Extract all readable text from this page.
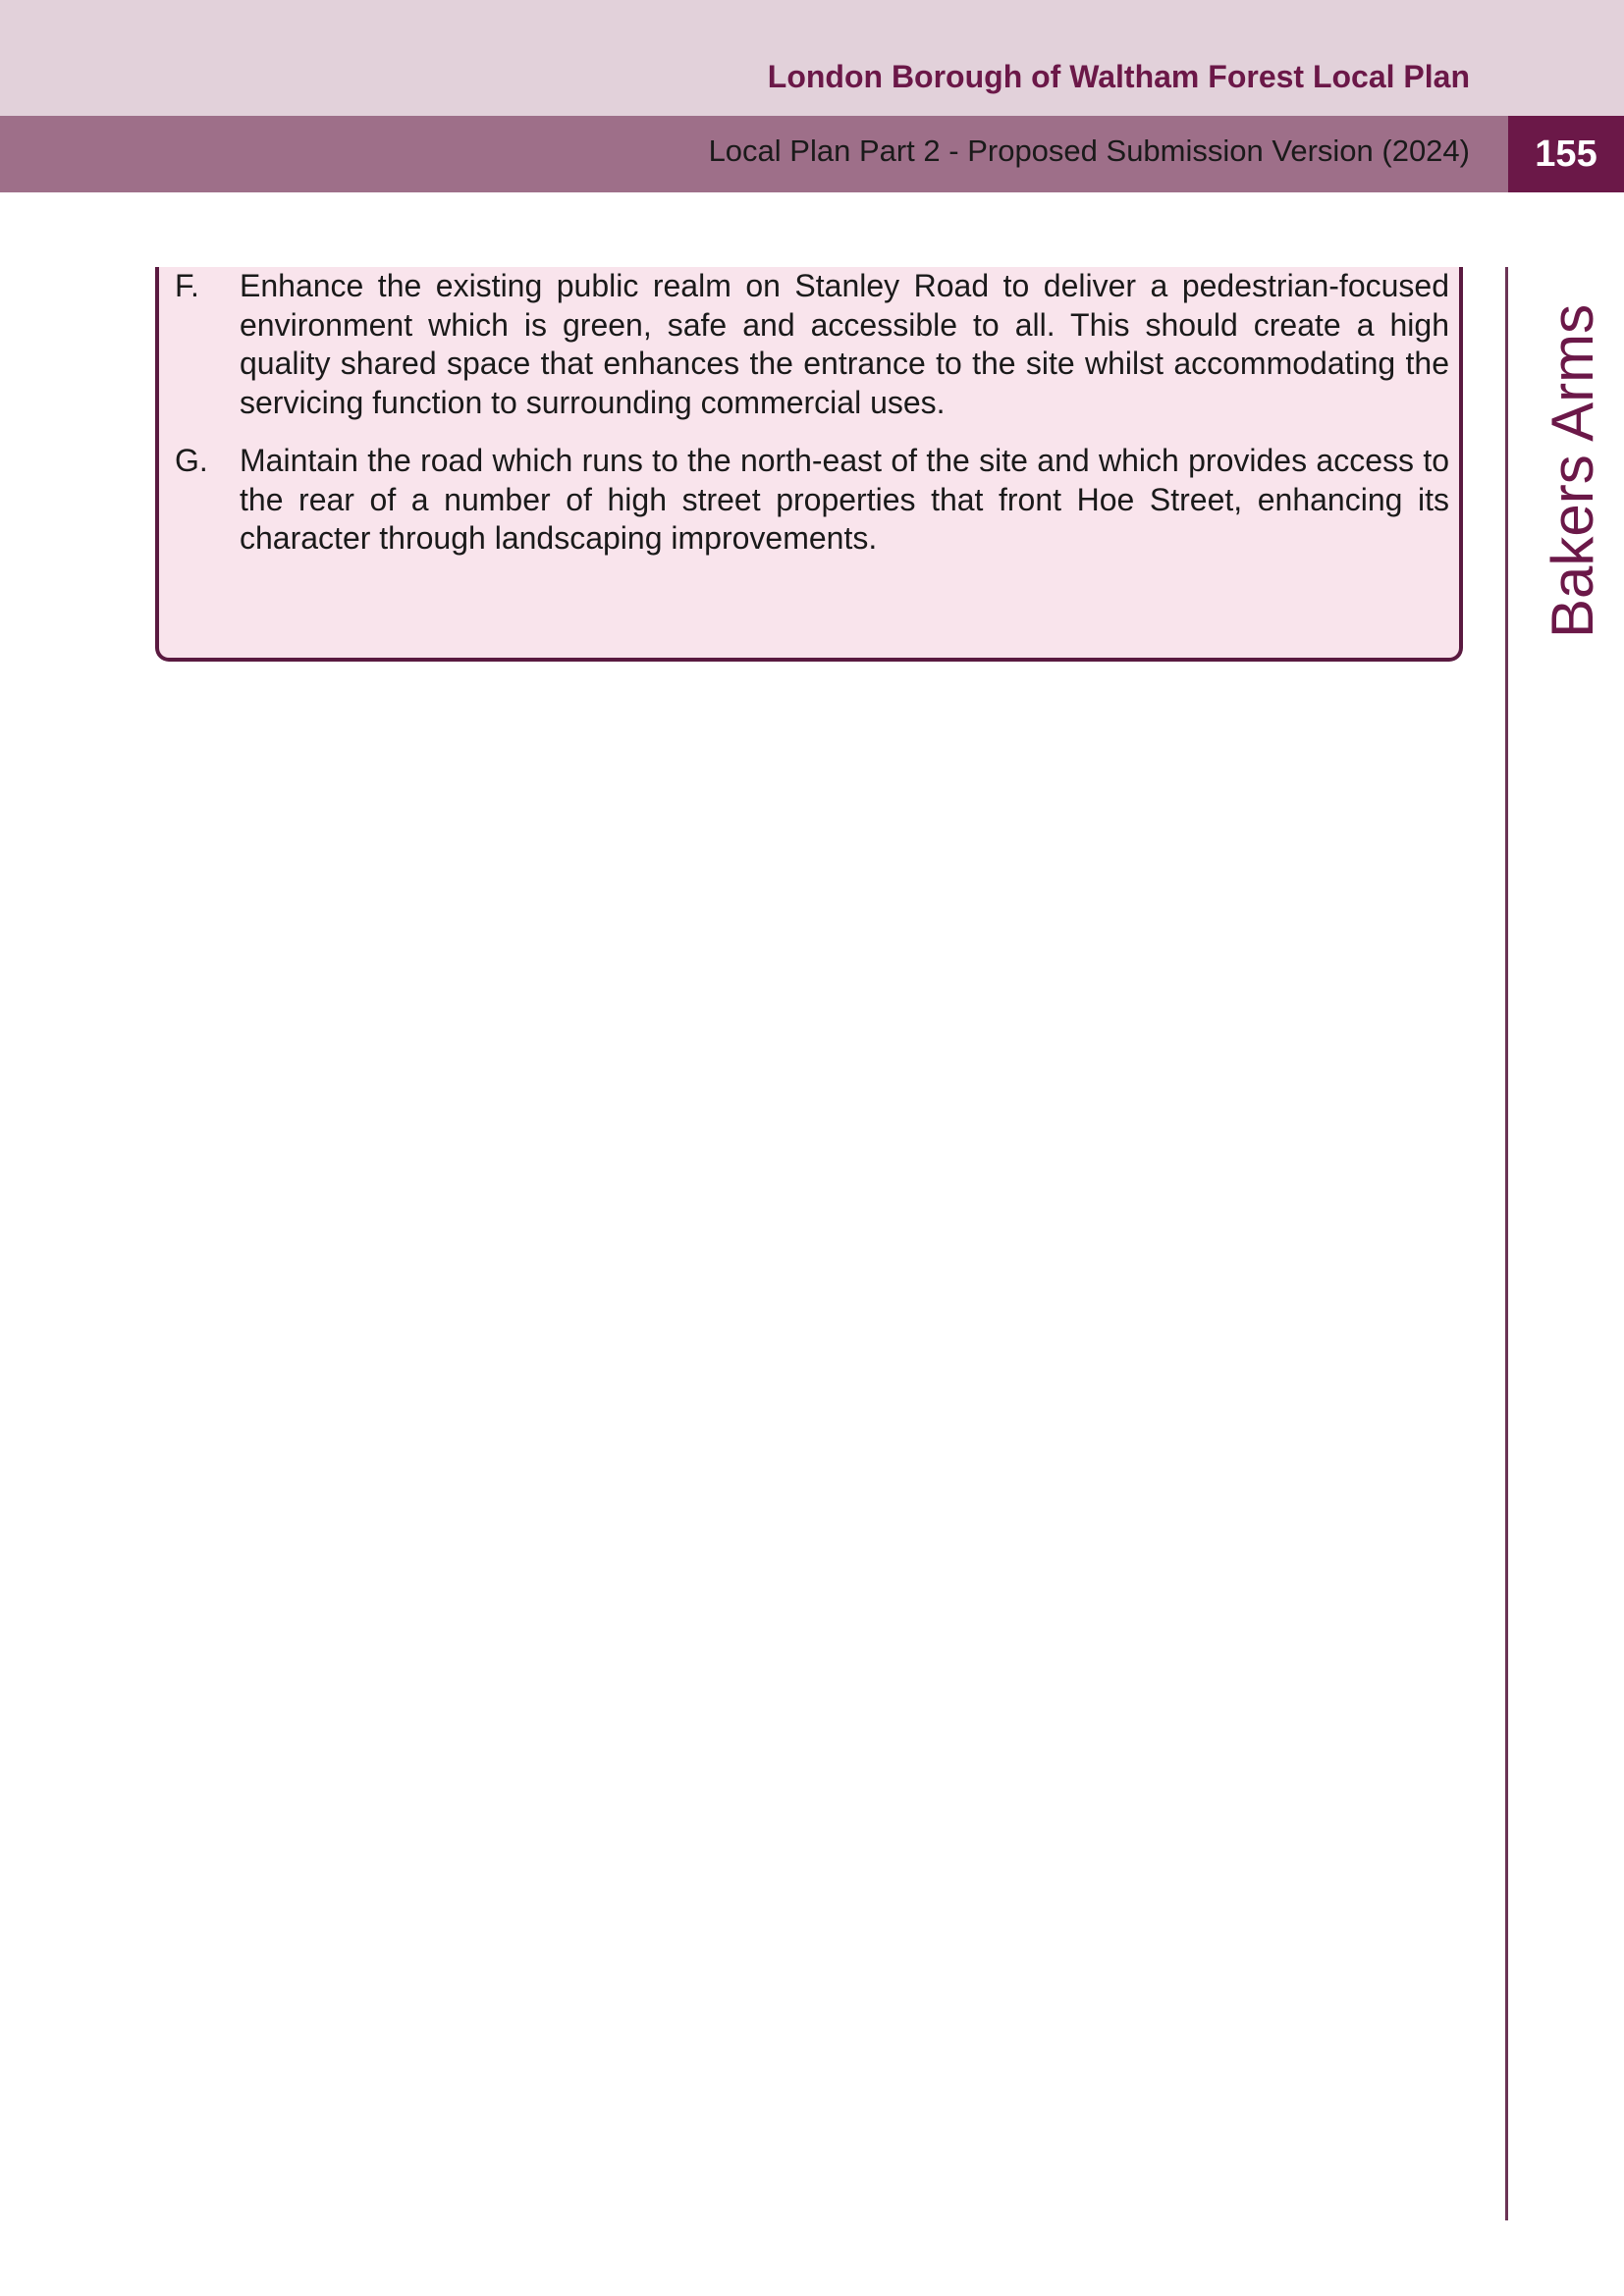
London Borough of Waltham Forest Local Plan
Local Plan Part 2 - Proposed Submission Version (2024)	155
Bakers Arms
F. Enhance the existing public realm on Stanley Road to deliver a pedestrian-focused environment which is green, safe and accessible to all. This should create a high quality shared space that enhances the entrance to the site whilst accommodating the servicing function to surrounding commercial uses.
G. Maintain the road which runs to the north-east of the site and which provides access to the rear of a number of high street properties that front Hoe Street, enhancing its character through landscaping improvements.
